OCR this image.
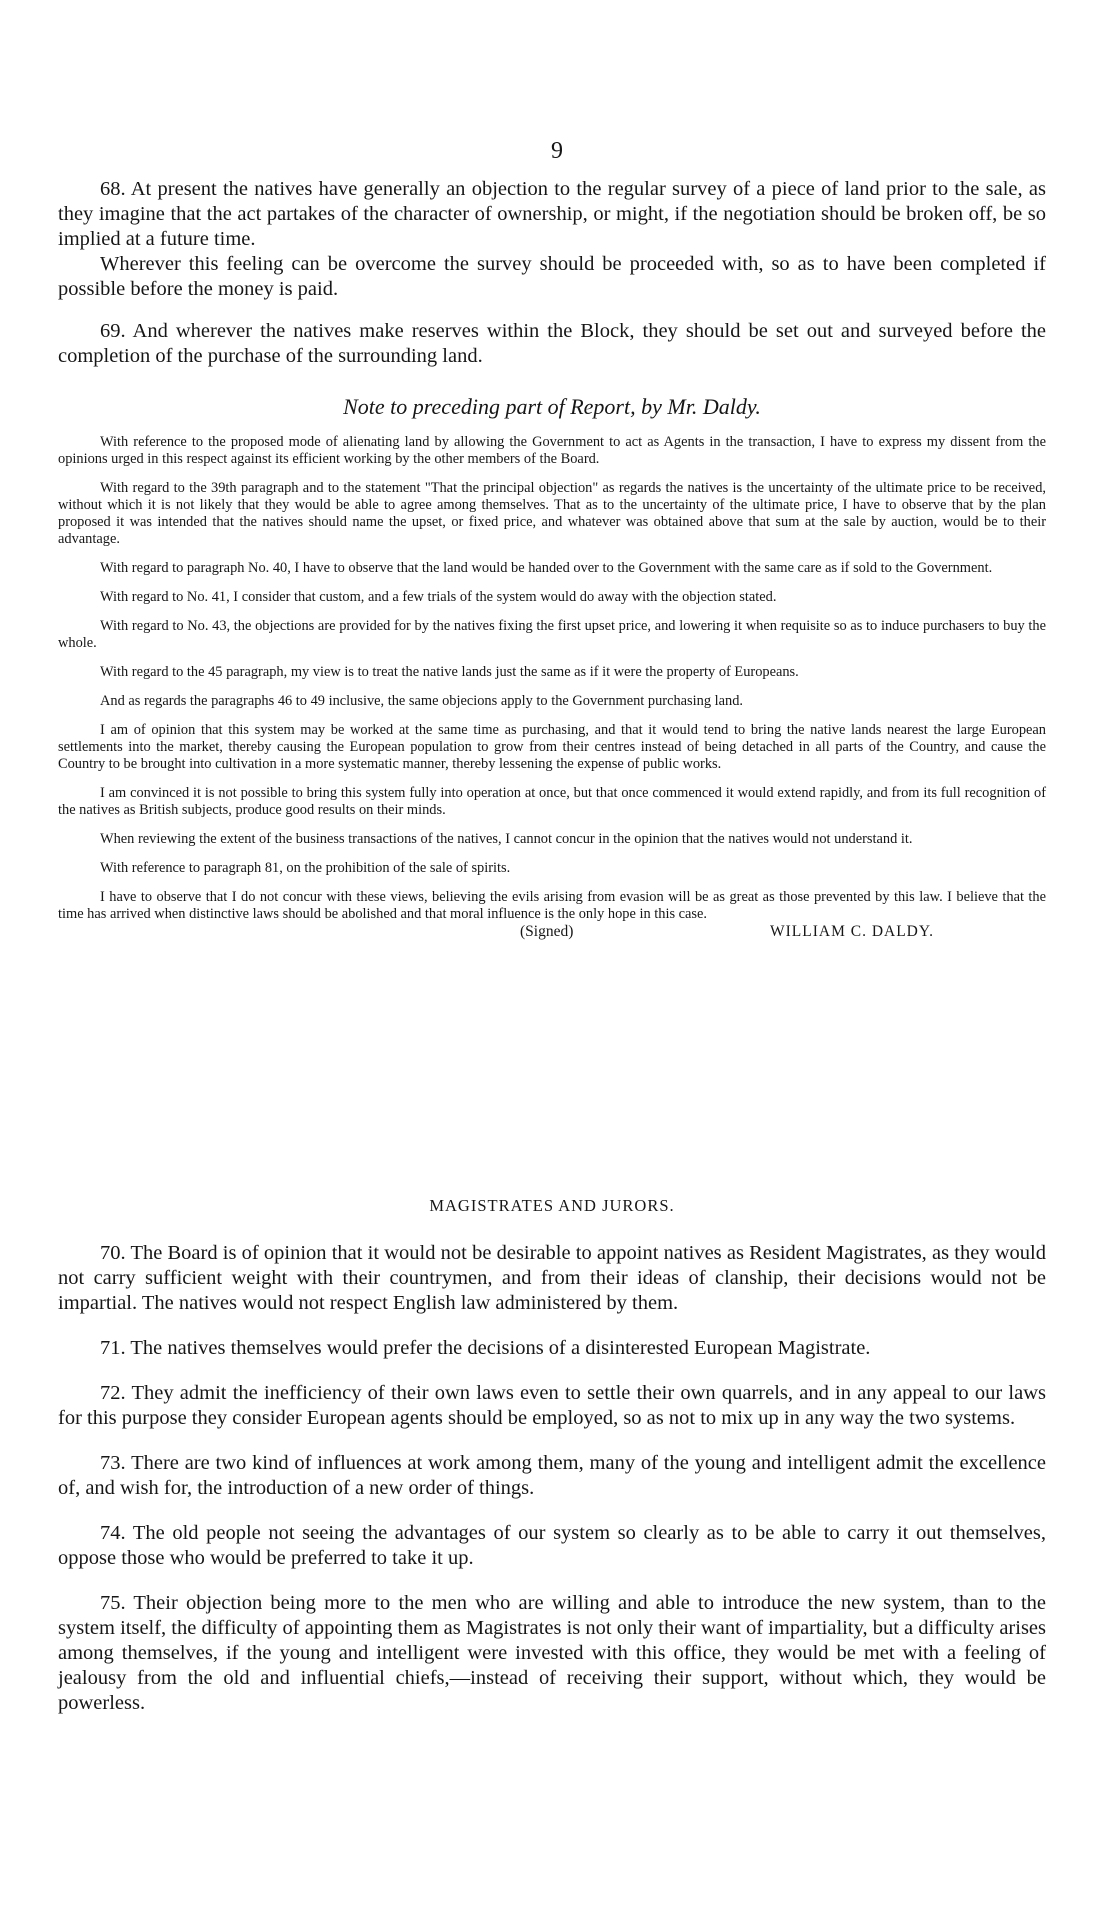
9

68. At present the natives have generally an objection to the regular survey of a piece of land prior to the sale, as they imagine that the act partakes of the character of ownership, or might, if the negotiation should be broken off, be so implied at a future time.

Wherever this feeling can be overcome the survey should be proceeded with, so as to have been completed if possible before the money is paid.

69. And wherever the natives make reserves within the Block, they should be set out and surveyed before the completion of the purchase of the surrounding land.

Note to preceding part of Report, by Mr. Daldy.

With reference to the proposed mode of alienating land by allowing the Government to act as Agents in the transaction, I have to express my dissent from the opinions urged in this respect against its efficient working by the other members of the Board.

With regard to the 39th paragraph and to the statement "That the principal objection" as regards the natives is the uncertainty of the ultimate price to be received, without which it is not likely that they would be able to agree among themselves. That as to the uncertainty of the ultimate price, I have to observe that by the plan proposed it was intended that the natives should name the upset, or fixed price, and whatever was obtained above that sum at the sale by auction, would be to their advantage.

With regard to paragraph No. 40, I have to observe that the land would be handed over to the Government with the same care as if sold to the Government.

With regard to No. 41, I consider that custom, and a few trials of the system would do away with the objection stated.

With regard to No. 43, the objections are provided for by the natives fixing the first upset price, and lowering it when requisite so as to induce purchasers to buy the whole.

With regard to the 45 paragraph, my view is to treat the native lands just the same as if it were the property of Europeans.

And as regards the paragraphs 46 to 49 inclusive, the same objecions apply to the Government purchasing land.

I am of opinion that this system may be worked at the same time as purchasing, and that it would tend to bring the native lands nearest the large European settlements into the market, thereby causing the European population to grow from their centres instead of being detached in all parts of the Country, and cause the Country to be brought into cultivation in a more systematic manner, thereby lessening the expense of public works.

I am convinced it is not possible to bring this system fully into operation at once, but that once commenced it would extend rapidly, and from its full recognition of the natives as British subjects, produce good results on their minds.

When reviewing the extent of the business transactions of the natives, I cannot concur in the opinion that the natives would not understand it.

With reference to paragraph 81, on the prohibition of the sale of spirits.

I have to observe that I do not concur with these views, believing the evils arising from evasion will be as great as those prevented by this law. I believe that the time has arrived when distinctive laws should be abolished and that moral influence is the only hope in this case.

(Signed)	WILLIAM C. DALDY.
MAGISTRATES AND JURORS.

70. The Board is of opinion that it would not be desirable to appoint natives as Resident Magistrates, as they would not carry sufficient weight with their countrymen, and from their ideas of clanship, their decisions would not be impartial. The natives would not respect English law administered by them.

71. The natives themselves would prefer the decisions of a disinterested European Magistrate.

72. They admit the inefficiency of their own laws even to settle their own quarrels, and in any appeal to our laws for this purpose they consider European agents should be employed, so as not to mix up in any way the two systems.

73. There are two kind of influences at work among them, many of the young and intelligent admit the excellence of, and wish for, the introduction of a new order of things.

74. The old people not seeing the advantages of our system so clearly as to be able to carry it out themselves, oppose those who would be preferred to take it up.

75. Their objection being more to the men who are willing and able to introduce the new system, than to the system itself, the difficulty of appointing them as Magistrates is not only their want of impartiality, but a difficulty arises among themselves, if the young and intelligent were invested with this office, they would be met with a feeling of jealousy from the old and influential chiefs,—instead of receiving their support, without which, they would be powerless.
